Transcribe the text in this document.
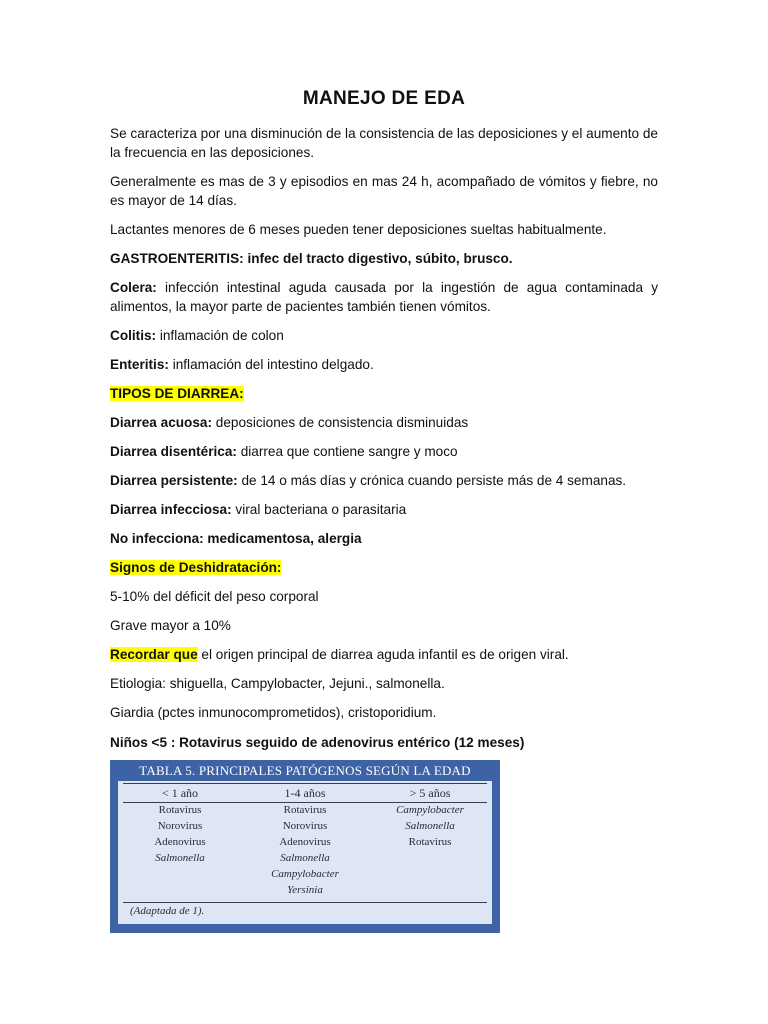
MANEJO DE EDA

Se caracteriza por una disminución de la consistencia de las deposiciones y el aumento de la frecuencia en las deposiciones.

Generalmente es mas de 3 y episodios en mas 24 h, acompañado de vómitos y fiebre, no es mayor de 14 días.

Lactantes menores de 6 meses pueden tener deposiciones sueltas habitualmente.

GASTROENTERITIS: infec del tracto digestivo, súbito, brusco.

Colera: infección intestinal aguda causada por la ingestión de agua contaminada y alimentos, la mayor parte de pacientes también tienen vómitos.

Colitis: inflamación de colon

Enteritis: inflamación del intestino delgado.

TIPOS DE DIARREA:

Diarrea acuosa: deposiciones de consistencia disminuidas

Diarrea disentérica: diarrea que contiene sangre y moco

Diarrea persistente: de 14 o más días y crónica cuando persiste más de 4 semanas.

Diarrea infecciosa: viral bacteriana o parasitaria

No infecciona: medicamentosa, alergia

Signos de Deshidratación:

5-10% del déficit del peso corporal

Grave mayor a 10%

Recordar que el origen principal de diarrea aguda infantil es de origen viral.

Etiologia: shiguella, Campylobacter, Jejuni., salmonella.

Giardia (pctes inmunocomprometidos), cristoporidium.

Niños <5 : Rotavirus seguido de adenovirus entérico (12 meses)

TABLA 5. PRINCIPALES PATÓGENOS SEGÚN LA EDAD
< 1 año
Rotavirus
Norovirus
Adenovirus
Salmonella
1-4 años
Rotavirus
Norovirus
Adenovirus
Salmonella
Campylobacter
Yersinia
> 5 años
Campylobacter
Salmonella
Rotavirus
(Adaptada de 1).
